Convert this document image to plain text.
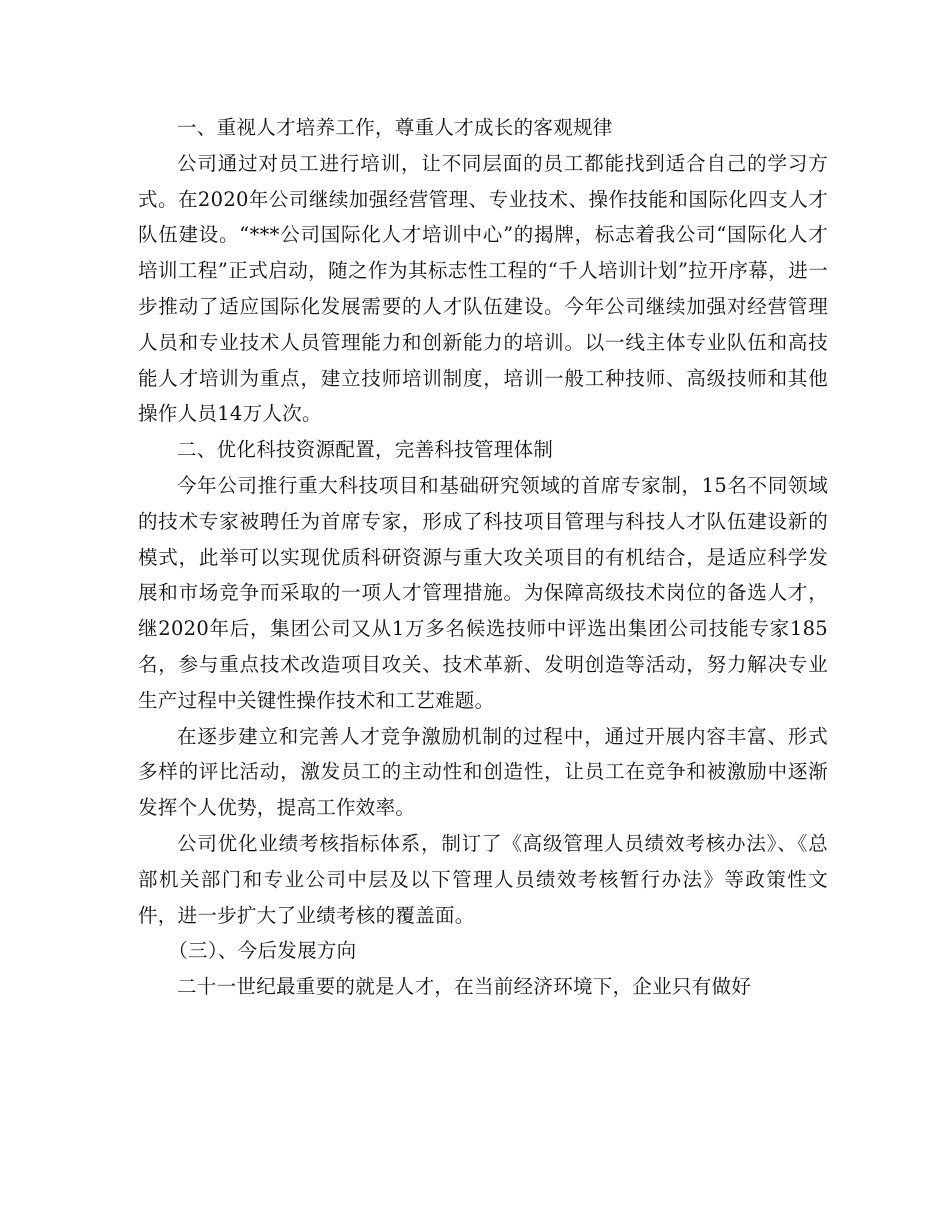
一、重视人才培养工作，尊重人才成长的客观规律

公司通过对员工进行培训，让不同层面的员工都能找到适合自己的学习方式。在2020年公司继续加强经营管理、专业技术、操作技能和国际化四支人才队伍建设。“***公司国际化人才培训中心”的揭牌，标志着我公司“国际化人才培训工程”正式启动，随之作为其标志性工程的“千人培训计划”拉开序幕，进一步推动了适应国际化发展需要的人才队伍建设。今年公司继续加强对经营管理人员和专业技术人员管理能力和创新能力的培训。以一线主体专业队伍和高技能人才培训为重点，建立技师培训制度，培训一般工种技师、高级技师和其他操作人员14万人次。

二、优化科技资源配置，完善科技管理体制

今年公司推行重大科技项目和基础研究领域的首席专家制，15名不同领域的技术专家被聘任为首席专家，形成了科技项目管理与科技人才队伍建设新的模式，此举可以实现优质科研资源与重大攻关项目的有机结合，是适应科学发展和市场竞争而采取的一项人才管理措施。为保障高级技术岗位的备选人才，继2020年后，集团公司又从1万多名候选技师中评选出集团公司技能专家185名，参与重点技术改造项目攻关、技术革新、发明创造等活动，努力解决专业生产过程中关键性操作技术和工艺难题。

在逐步建立和完善人才竞争激励机制的过程中，通过开展内容丰富、形式多样的评比活动，激发员工的主动性和创造性，让员工在竞争和被激励中逐渐发挥个人优势，提高工作效率。

公司优化业绩考核指标体系，制订了《高级管理人员绩效考核办法》、《总部机关部门和专业公司中层及以下管理人员绩效考核暂行办法》等政策性文件，进一步扩大了业绩考核的覆盖面。

（三）、今后发展方向

二十一世纪最重要的就是人才，在当前经济环境下，企业只有做好
